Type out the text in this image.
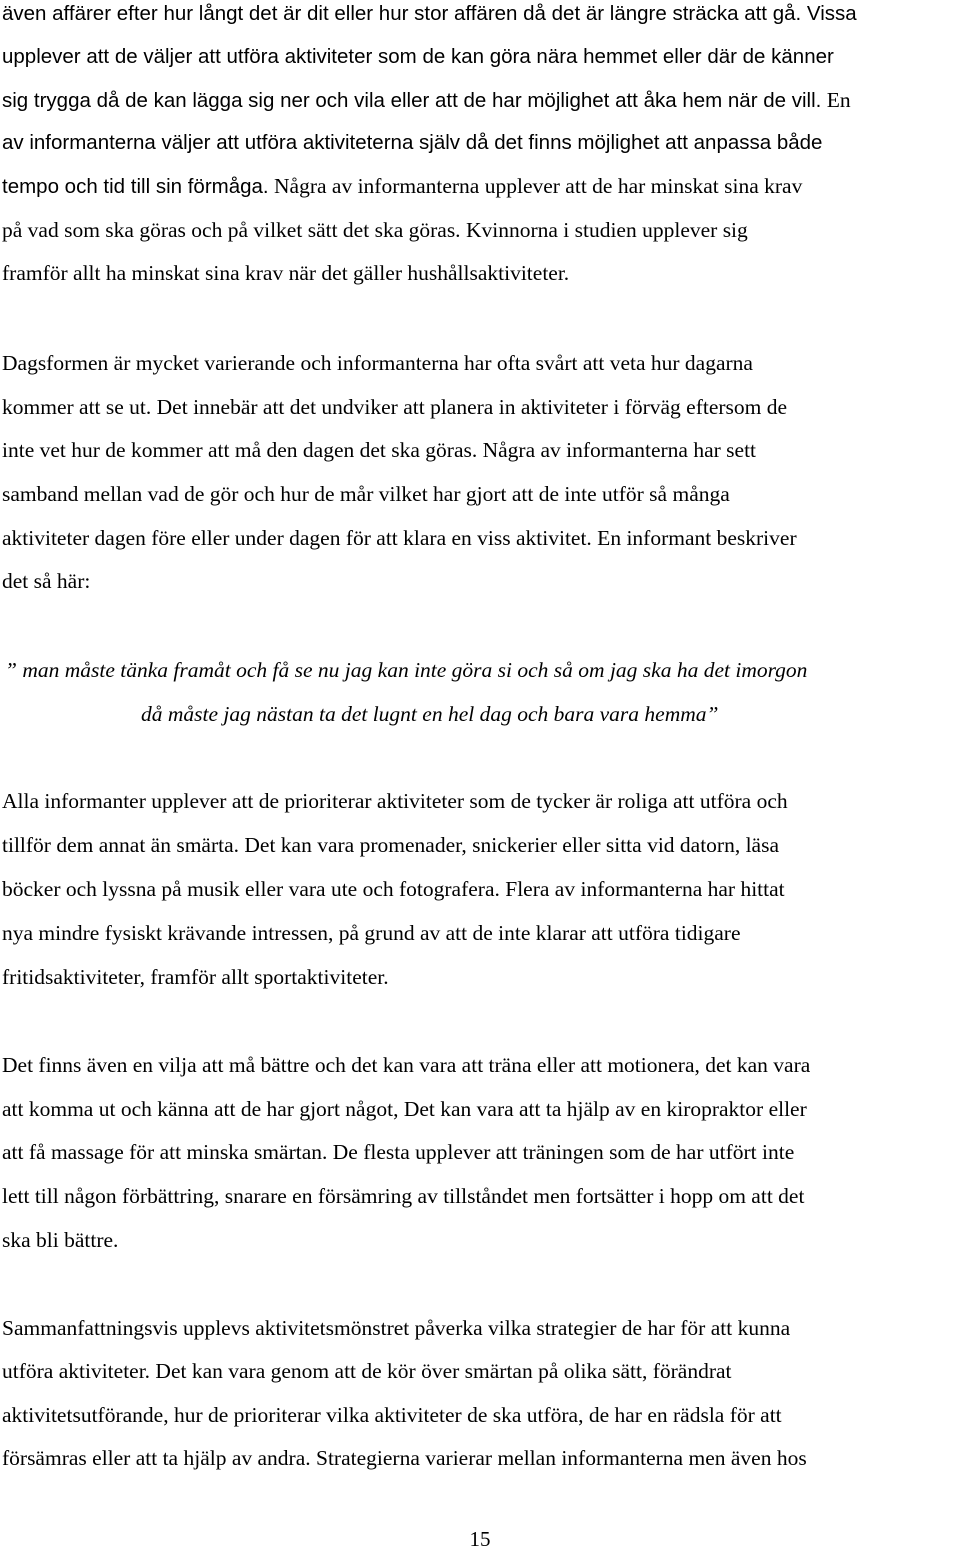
även affärer efter hur långt det är dit eller hur stor affären då det är längre sträcka att gå. Vissa
upplever att de väljer att utföra aktiviteter som de kan göra nära hemmet eller där de känner
sig trygga då de kan lägga sig ner och vila eller att de har möjlighet att åka hem när de vill. En
av informanterna väljer att utföra aktiviteterna själv då det finns möjlighet att anpassa både
tempo och tid till sin förmåga. Några av informanterna upplever att de har minskat sina krav
på vad som ska göras och på vilket sätt det ska göras. Kvinnorna i studien upplever sig
framför allt ha minskat sina krav när det gäller hushållsaktiviteter.
Dagsformen är mycket varierande och informanterna har ofta svårt att veta hur dagarna
kommer att se ut. Det innebär att det undviker att planera in aktiviteter i förväg eftersom de
inte vet hur de kommer att må den dagen det ska göras. Några av informanterna har sett
samband mellan vad de gör och hur de mår vilket har gjort att de inte utför så många
aktiviteter dagen före eller under dagen för att klara en viss aktivitet. En informant beskriver
det så här:
” man måste tänka framåt och få se nu jag kan inte göra si och så om jag ska ha det imorgon
då måste jag nästan ta det lugnt en hel dag och bara vara hemma”
Alla informanter upplever att de prioriterar aktiviteter som de tycker är roliga att utföra och
tillför dem annat än smärta. Det kan vara promenader, snickerier eller sitta vid datorn, läsa
böcker och lyssna på musik eller vara ute och fotografera. Flera av informanterna har hittat
nya mindre fysiskt krävande intressen, på grund av att de inte klarar att utföra tidigare
fritidsaktiviteter, framför allt sportaktiviteter.
Det finns även en vilja att må bättre och det kan vara att träna eller att motionera, det kan vara
att komma ut och känna att de har gjort något, Det kan vara att ta hjälp av en kiropraktor eller
att få massage för att minska smärtan. De flesta upplever att träningen som de har utfört inte
lett till någon förbättring, snarare en försämring av tillståndet men fortsätter i hopp om att det
ska bli bättre.
Sammanfattningsvis upplevs aktivitetsmönstret påverka vilka strategier de har för att kunna
utföra aktiviteter. Det kan vara genom att de kör över smärtan på olika sätt, förändrat
aktivitetsutförande, hur de prioriterar vilka aktiviteter de ska utföra, de har en rädsla för att
försämras eller att ta hjälp av andra. Strategierna varierar mellan informanterna men även hos
15
